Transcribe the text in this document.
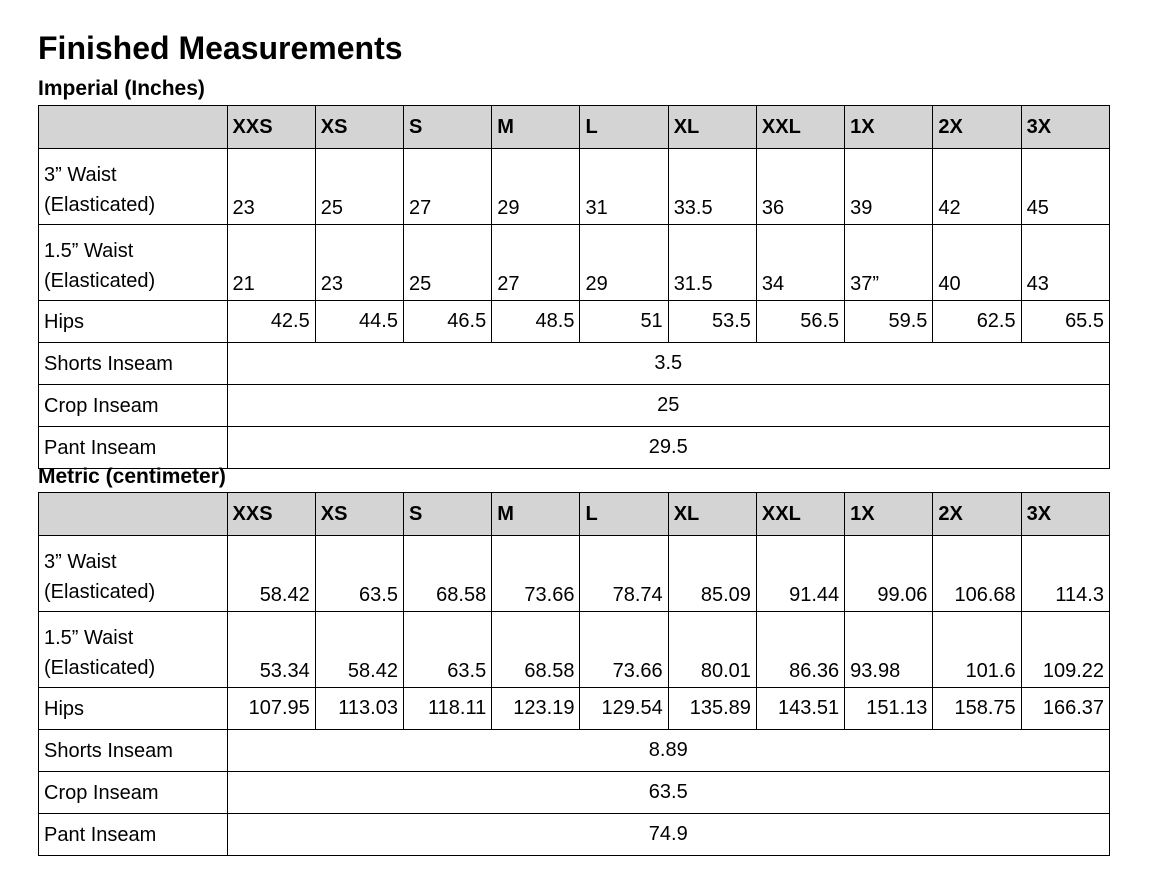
Finished Measurements
Imperial (Inches)
	XXS	XS	S	M	L	XL	XXL	1X	2X	3X

3” Waist
(Elasticated)	23	25	27	29	31	33.5	36	39	42	45

1.5” Waist
(Elasticated)	21	23	25	27	29	31.5	34	37”	40	43
Hips	42.5	44.5	46.5	48.5	51	53.5	56.5	59.5	62.5	65.5
Shorts Inseam	3.5									
Crop Inseam	25									
Pant Inseam	29.5									
Metric (centimeter)
	XXS	XS	S	M	L	XL	XXL	1X	2X	3X

3” Waist
(Elasticated)	58.42	63.5	68.58	73.66	78.74	85.09	91.44	99.06	106.68	114.3

1.5” Waist
(Elasticated)	53.34	58.42	63.5	68.58	73.66	80.01	86.36	93.98	101.6	109.22
Hips	107.95	113.03	118.11	123.19	129.54	135.89	143.51	151.13	158.75	166.37
Shorts Inseam	8.89									
Crop Inseam	63.5									
Pant Inseam	74.9									
